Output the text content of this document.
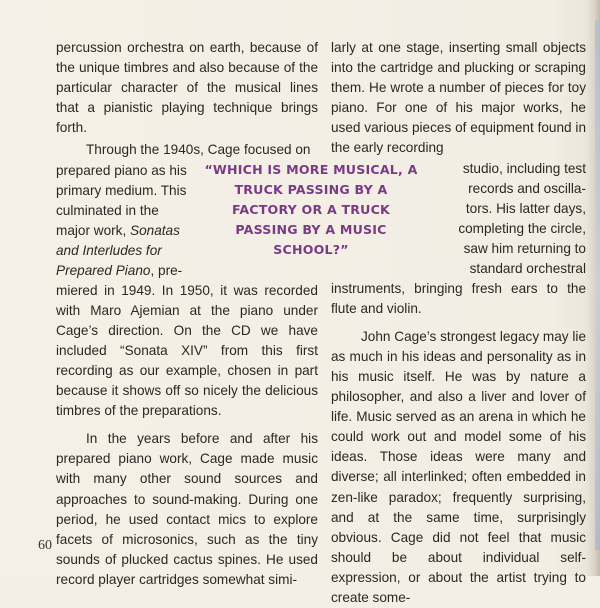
percussion orchestra on earth, because of the unique timbres and also because of the particular character of the musical lines that a pianistic playing technique brings forth.

Through the 1940s, Cage focused on

prepared piano as his
primary medium. This
culminated in the
major work, Sonatas
and Interludes for
Prepared Piano, pre-

miered in 1949. In 1950, it was recorded with Maro Ajemian at the piano under Cage’s direction. On the CD we have included “Sonata XIV” from this first recording as our example, chosen in part because it shows off so nicely the delicious timbres of the preparations.

In the years before and after his prepared piano work, Cage made music with many other sound sources and approaches to sound-making. During one period, he used contact mics to explore facets of microsonics, such as the tiny sounds of plucked cactus spines. He used record player cartridges somewhat simi-

larly at one stage, inserting small objects into the cartridge and plucking or scraping them. He wrote a number of pieces for toy piano. For one of his major works, he used various pieces of equipment found in the early recording

studio, including test
records and oscilla-
tors. His latter days,
completing the circle,
saw him returning to
standard orchestral

instruments, bringing fresh ears to the flute and violin.

John Cage’s strongest legacy may lie as much in his ideas and personality as in his music itself. He was by nature a philosopher, and also a liver and lover of life. Music served as an arena in which he could work out and model some of his ideas. Those ideas were many and diverse; all interlinked; often embedded in zen-like paradox; frequently surprising, and at the same time, surprisingly obvious. Cage did not feel that music should be about individual self-expression, or about the artist trying to create some-

“WHICH IS MORE MUSICAL, A TRUCK PASSING BY A FACTORY OR A TRUCK PASSING BY A MUSIC SCHOOL?”
60
